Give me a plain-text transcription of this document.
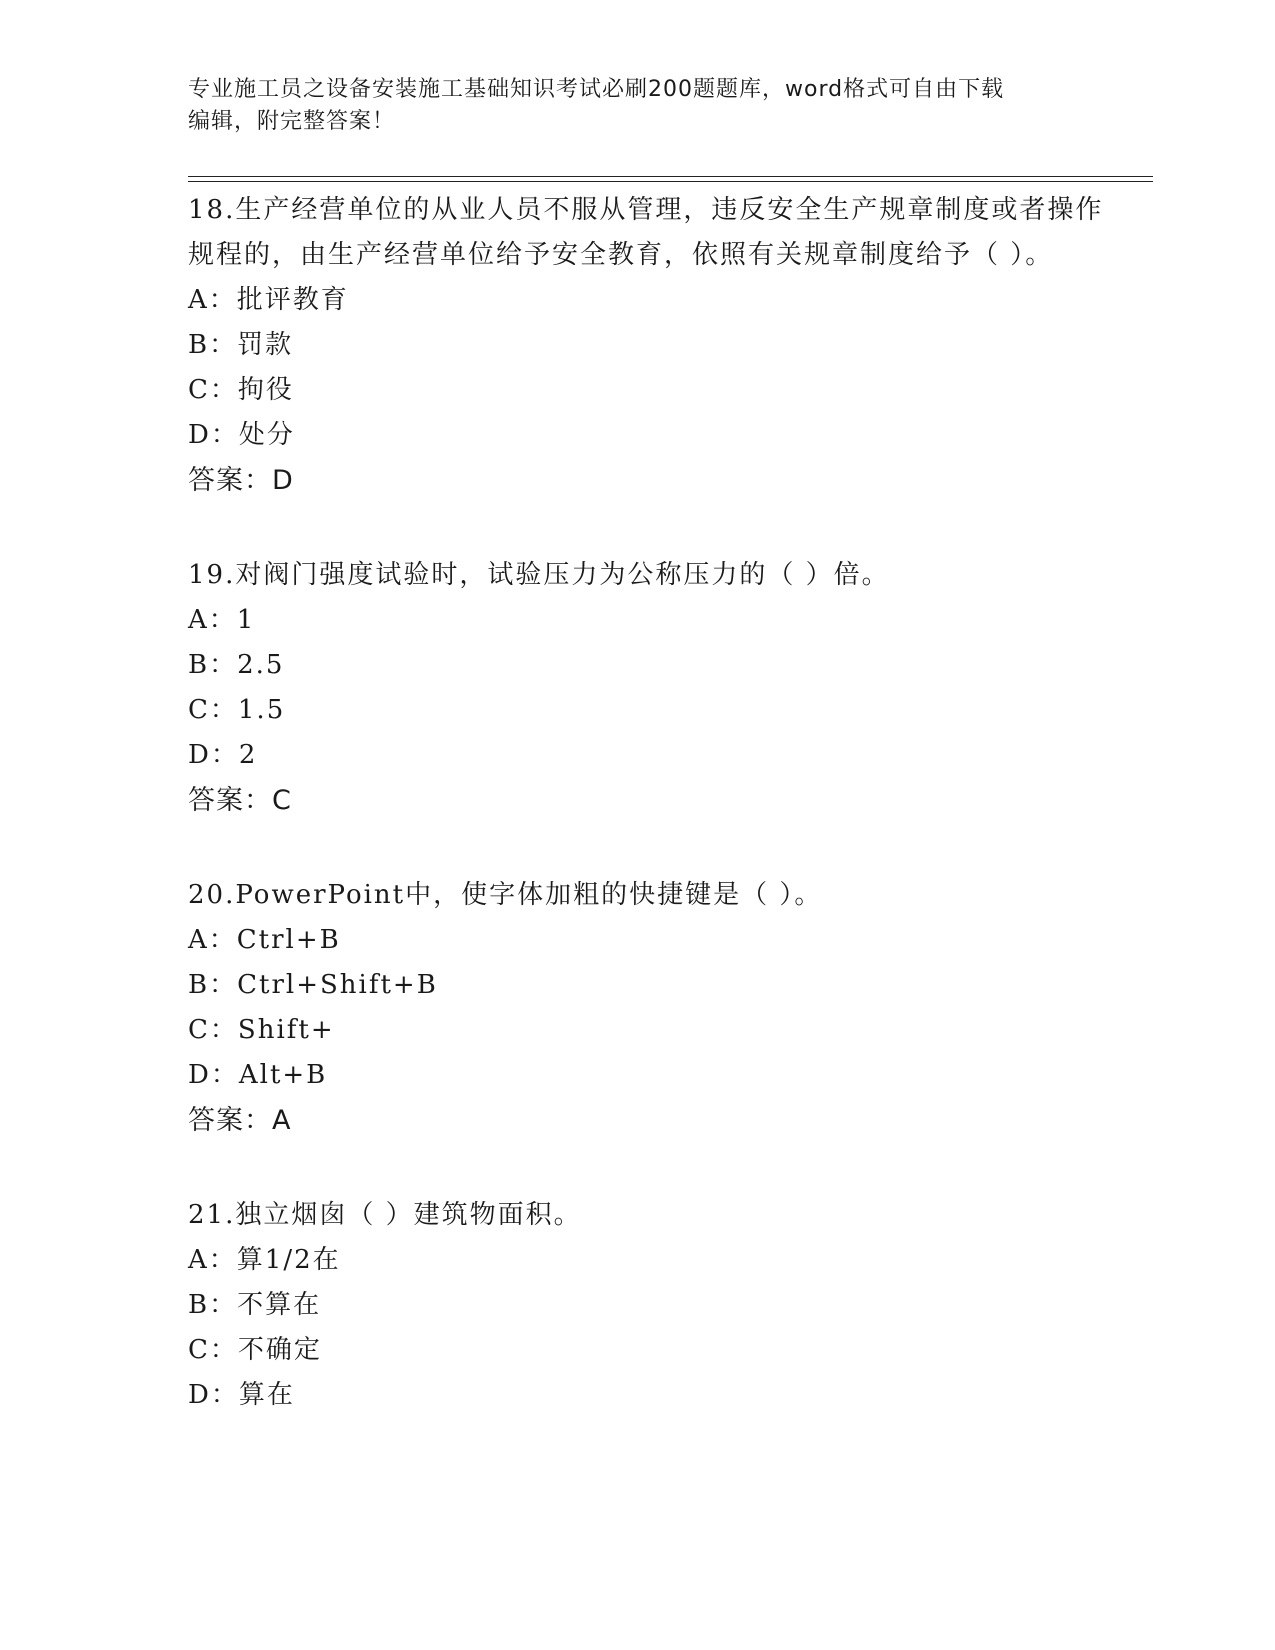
专业施工员之设备安装施工基础知识考试必刷200题题库，word格式可自由下载
编辑，附完整答案！

18.生产经营单位的从业人员不服从管理，违反安全生产规章制度或者操作规程的，由生产经营单位给予安全教育，依照有关规章制度给予（ ）。

A：批评教育

B：罚款

C：拘役

D：处分

答案：D

19.对阀门强度试验时，试验压力为公称压力的（ ）倍。

A：1

B：2.5

C：1.5

D：2

答案：C

20.PowerPoint中，使字体加粗的快捷键是（ ）。

A：Ctrl+B

B：Ctrl+Shift+B

C：Shift+

D：Alt+B

答案：A

21.独立烟囱（ ）建筑物面积。

A：算1/2在

B：不算在

C：不确定

D：算在
